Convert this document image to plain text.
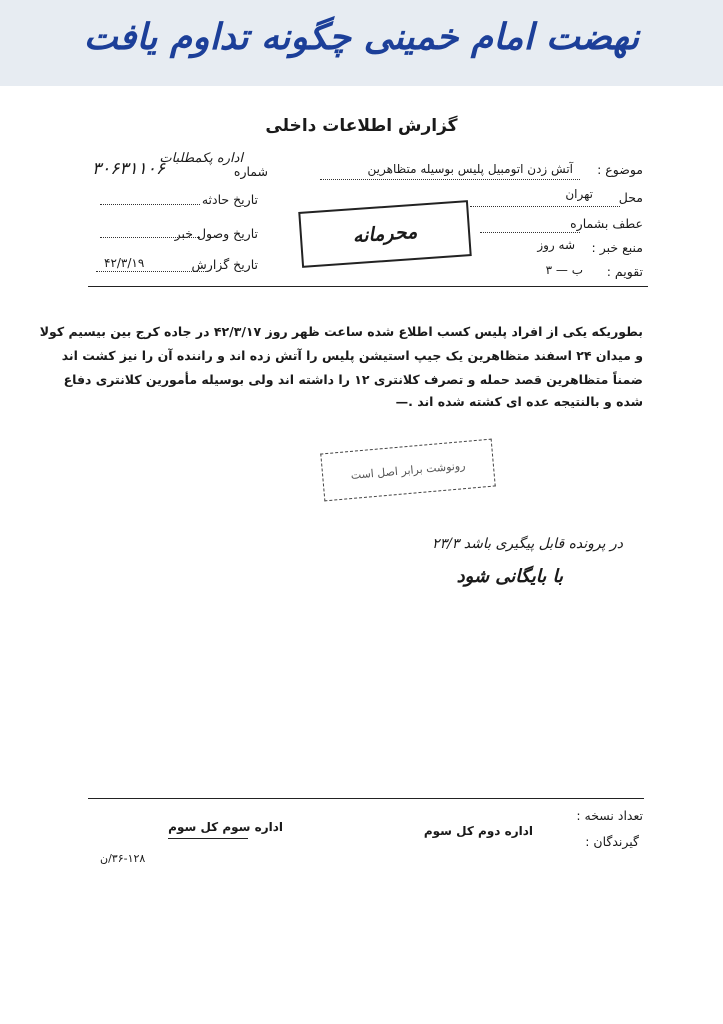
نهضت امام خمینی چگونه تداوم یافت
گزارش اطلاعات داخلی
موضوع :
آتش زدن اتومبیل پلیس بوسیله متظاهرین
محل
تهران
عطف بشماره
منبع خبر :
شه روز
تقویم :
ب — ۳
اداره پکمطلبات
شماره
۳۰۶۳۱۱۰۶
تاریخ حادثه
تاریخ وصول خبر
تاریخ گزارش
۴۲/۳/۱۹
محرمانه
بطوریکه یکی از افراد پلیس کسب اطلاع شده ساعت ظهر روز ۴۲/۳/۱۷ در جاده کرج بین بیسیم کولا
و میدان ۲۴ اسفند متظاهرین یک جیپ استیشن پلیس را آتش زده اند و راننده آن را نیز کشت اند
ضمناً متظاهرین قصد حمله و تصرف کلانتری ۱۲ را داشته اند ولی بوسیله مأمورین کلانتری دفاع
شده و بالنتیجه عده ای کشته شده اند .—
رونوشت برابر اصل است
در پرونده قابل پیگیری باشد ۲۳/۳
با بایگانی شود
تعداد نسخه :
گیرندگان :
اداره دوم کل سوم
اداره سوم کل سوم
۳۶-۱۲۸/ن
